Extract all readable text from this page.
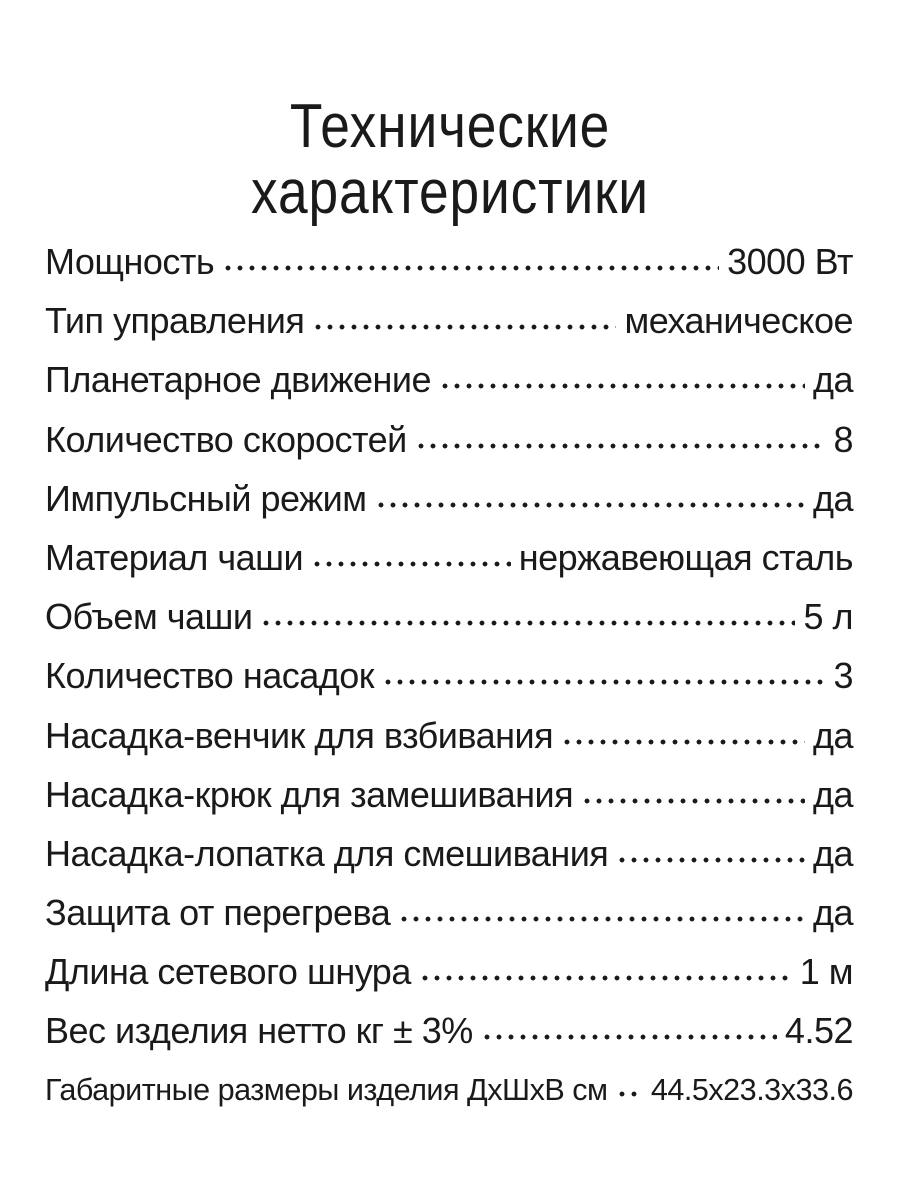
Технические
характеристики
Мощность	3000 Вт
Тип управления	механическое
Планетарное движение	да
Количество скоростей	8
Импульсный режим	да
Материал чаши	нержавеющая сталь
Объем чаши	5 л
Количество насадок	3
Насадка-венчик для взбивания	да
Насадка-крюк для замешивания	да
Насадка-лопатка для смешивания	да
Защита от перегрева	да
Длина сетевого шнура	1 м
Вес изделия нетто кг ± 3%	4.52
Габаритные размеры изделия ДxШxВ см 44.5x23.3x33.6
